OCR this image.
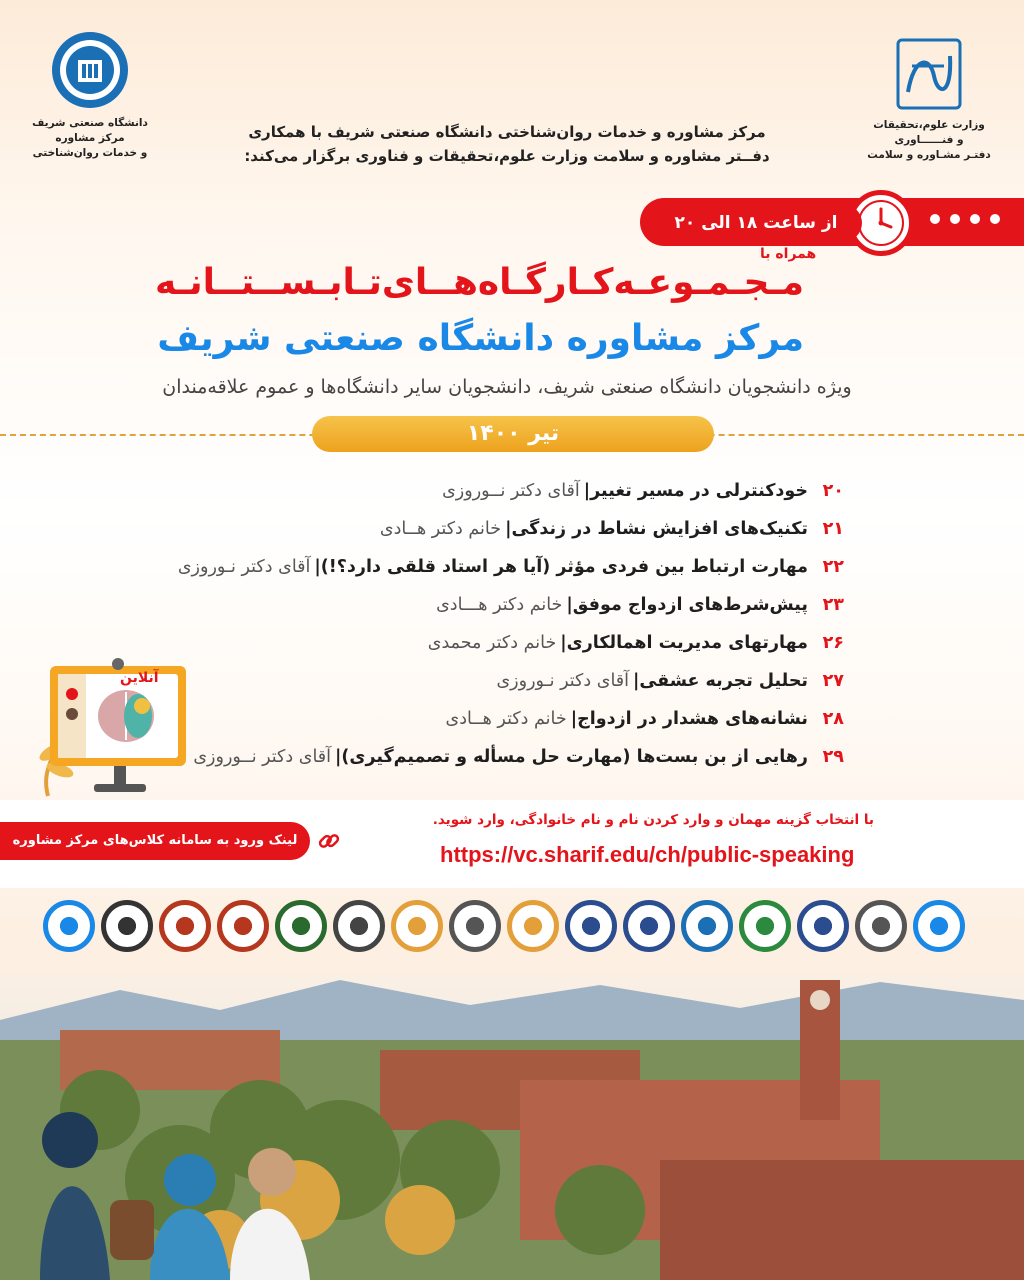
دانشگاه صنعتی شریف
مرکز مشاوره
و خدمات روان‌شناختی
وزارت علوم،تحقیقات
و فنــــــاوری
دفتـر مشـاوره و سلامت
مرکز مشاوره و خدمات روان‌شناختی دانشگاه صنعتی شریف با همکاری
دفــتر مشاوره و سلامت وزارت علوم،تحقیقات و فناوری برگزار می‌کند:
از ساعت ۱۸ الی ۲۰
همراه با
مـجـمـوعـه‌کـارگـاه‌هــای‌تـابـســتــانـه
مرکز مشاوره دانشگاه صنعتی شریف
ویژه دانشجویان دانشگاه صنعتی شریف، دانشجویان سایر دانشگاه‌ها و عموم علاقه‌مندان
تیر ۱۴۰۰
۲۰
خودکنترلی در مسیر تغییر|
آقای دکتر نــوروزی
۲۱
تکنیک‌های افزایش نشاط در زندگی|
خانم دکتر هــادی
۲۲
مهارت ارتباط بین فردی مؤثر (آیا هر استاد قلقی دارد؟!)|
آقای دکتر نـوروزی
۲۳
پیش‌شرط‌های ازدواج موفق|
خانم دکتر هـــادی
۲۶
مهارتهای مدیریت اهمالکاری|
خانم دکتر محمدی
۲۷
تحلیل تجربه عشقی|
آقای دکتر نـوروزی
۲۸
نشانه‌های هشدار در ازدواج|
خانم دکتر هــادی
۲۹
رهایی از بن بست‌ها (مهارت حل مسأله و تصمیم‌گیری)|
آقای دکتر نــوروزی
آنلاین
با انتخاب گزینه مهمان و وارد کردن نام و نام خانوادگی، وارد شوید.
https://vc.sharif.edu/ch/public-speaking
لینک ورود به سامانه کلاس‌های مرکز مشاوره
